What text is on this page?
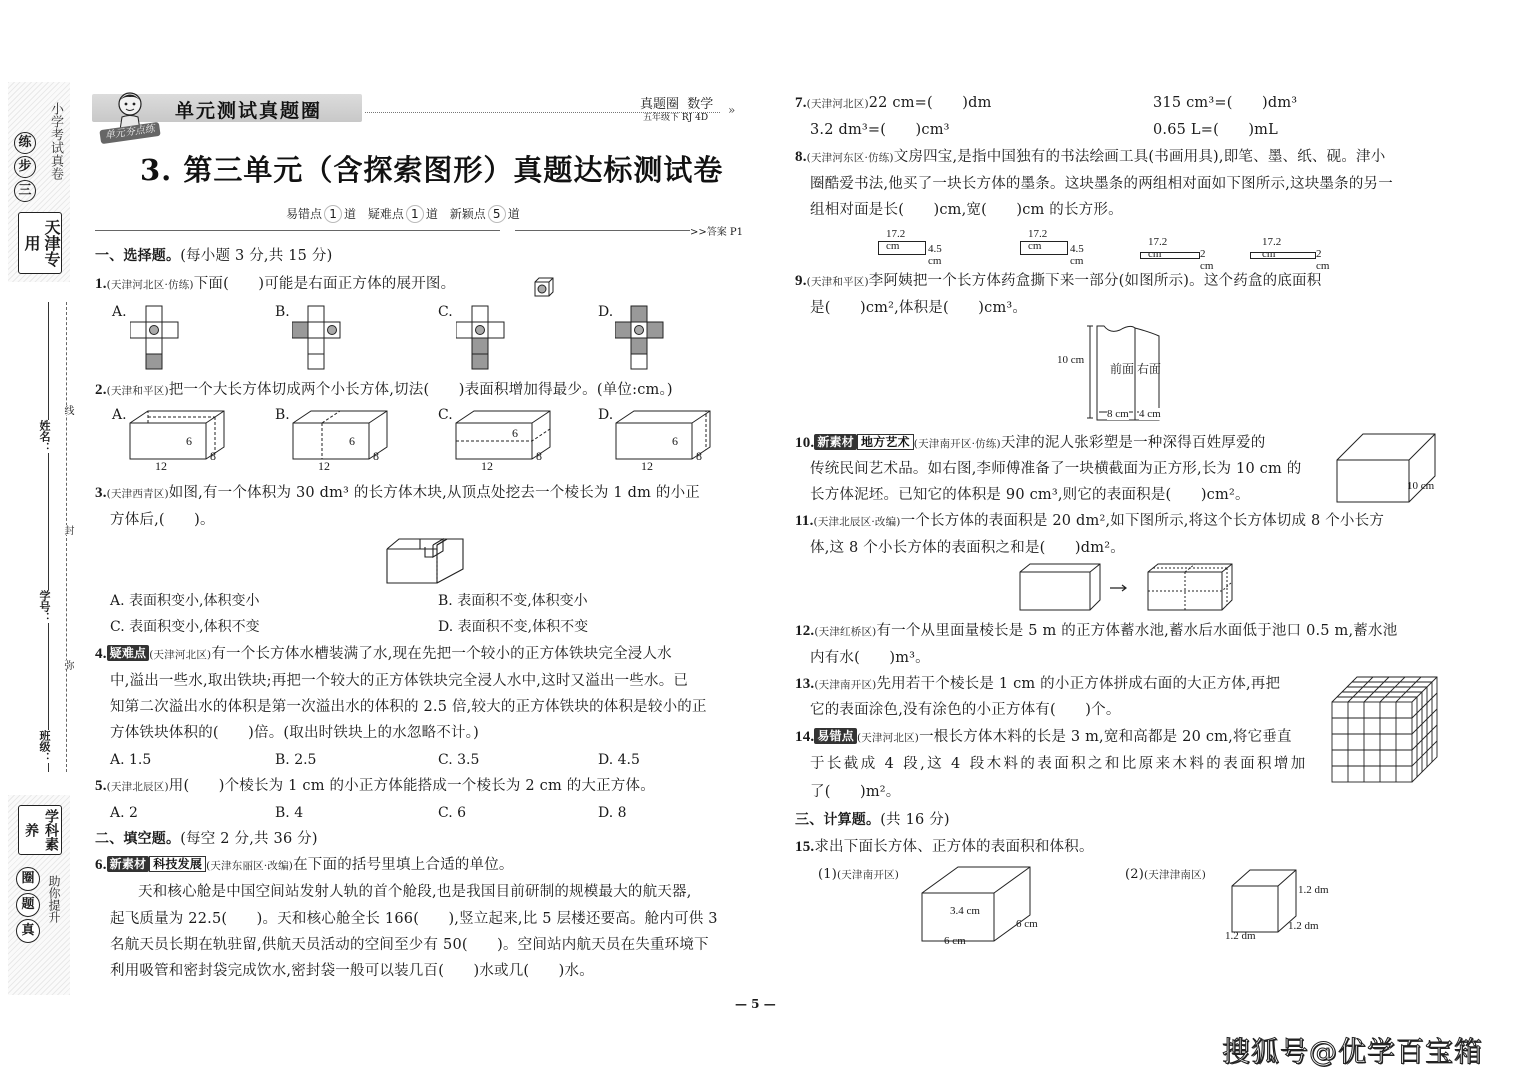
小学考试真卷
练
步
三
天津专用
姓名：
学号：
班级：
线
封
弥
学科素养
圈
题
真
助你提升
单元夯点练
单元测试真题圈	真题圈  数学 »
五年级下 RJ 4D
3. 第三单元（含探索图形）真题达标测试卷
易错点 1 道 疑难点 1 道 新颖点 5 道
>>答案 P1
一、选择题。(每小题 3 分,共 15 分)
1.(天津河北区·仿练)下面(　　)可能是右面正方体的展开图。
A.	B.	C.	D.
2.(天津和平区)把一个大长方体切成两个小长方体,切法(　　)表面积增加得最少。(单位:cm。)
A.
6
8
12
B.
6
8
12
C.
6
8
12
D.
6
8
12
3.(天津西青区)如图,有一个体积为 30 dm³ 的长方体木块,从顶点处挖去一个棱长为 1 dm 的小正
方体后,(　　)。
A. 表面积变小,体积变小	B. 表面积不变,体积变小
C. 表面积变小,体积不变	D. 表面积不变,体积不变
4. 疑难点 (天津河北区)有一个长方体水槽装满了水,现在先把一个较小的正方体铁块完全浸人水
中,溢出一些水,取出铁块;再把一个较大的正方体铁块完全浸人水中,这时又溢出一些水。已
知第二次溢出水的体积是第一次溢出水的体积的 2.5 倍,较大的正方体铁块的体积是较小的正
方体铁块体积的(　　)倍。(取出时铁块上的水忽略不计。)
A. 1.5	B. 2.5	C. 3.5	D. 4.5
5.(天津北辰区)用(　　)个棱长为 1 cm 的小正方体能搭成一个棱长为 2 cm 的大正方体。
A. 2	B. 4	C. 6	D. 8
二、填空题。(每空 2 分,共 36 分)
6. 新素材 科技发展 (天津东丽区·改编)在下面的括号里填上合适的单位。
天和核心舱是中国空间站发射人轨的首个舱段,也是我国目前研制的规模最大的航天器,
起飞质量为 22.5(　　)。天和核心舱全长 166(　　),竖立起来,比 5 层楼还要高。舱内可供 3
名航天员长期在轨驻留,供航天员活动的空间至少有 50(　　)。空间站内航天员在失重环境下
利用吸管和密封袋完成饮水,密封袋一般可以装几百(　　)水或几(　　)水。
7.(天津河北区)22 cm=(　　)dm	315 cm³=(　　)dm³
3.2 dm³=(　　)cm³	0.65 L=(　　)mL
8.(天津河东区·仿练)文房四宝,是指中国独有的书法绘画工具(书画用具),即笔、墨、纸、砚。津小
圈酷爱书法,他买了一块长方体的墨条。这块墨条的两组相对面如下图所示,这块墨条的另一
组相对面是长(　　)cm,宽(　　)cm 的长方形。
17.2 cm	4.5 cm
17.2 cm	4.5 cm
17.2 cm	2 cm
17.2 cm	2 cm
9.(天津和平区)李阿姨把一个长方体药盒撕下来一部分(如图所示)。这个药盒的底面积
是(　　)cm²,体积是(　　)cm³。
10 cm
前面 右面
8 cm 4 cm
10. 新素材 地方艺术 (天津南开区·仿练)天津的泥人张彩塑是一种深得百姓厚爱的
传统民间艺术品。如右图,李师傅准备了一块横截面为正方形,长为 10 cm 的
长方体泥坯。已知它的体积是 90 cm³,则它的表面积是(　　)cm²。
10 cm
11.(天津北辰区·改编)一个长方体的表面积是 20 dm²,如下图所示,将这个长方体切成 8 个小长方
体,这 8 个小长方体的表面积之和是(　　)dm²。
12.(天津红桥区)有一个从里面量棱长是 5 m 的正方体蓄水池,蓄水后水面低于池口 0.5 m,蓄水池
内有水(　　)m³。
13.(天津南开区)先用若干个棱长是 1 cm 的小正方体拼成右面的大正方体,再把
它的表面涂色,没有涂色的小正方体有(　　)个。
14. 易错点 (天津河北区)一根长方体木料的长是 3 m,宽和高都是 20 cm,将它垂直
于长截成 4 段,这 4 段木料的表面积之和比原来木料的表面积增加
了(　　)m²。
三、计算题。(共 16 分)
15.求出下面长方体、正方体的表面积和体积。
(1)(天津南开区)
3.4 cm
6 cm
6 cm
(2)(天津津南区)
1.2 dm
1.2 dm
1.2 dm
— 5 —
搜狐号@优学百宝箱
